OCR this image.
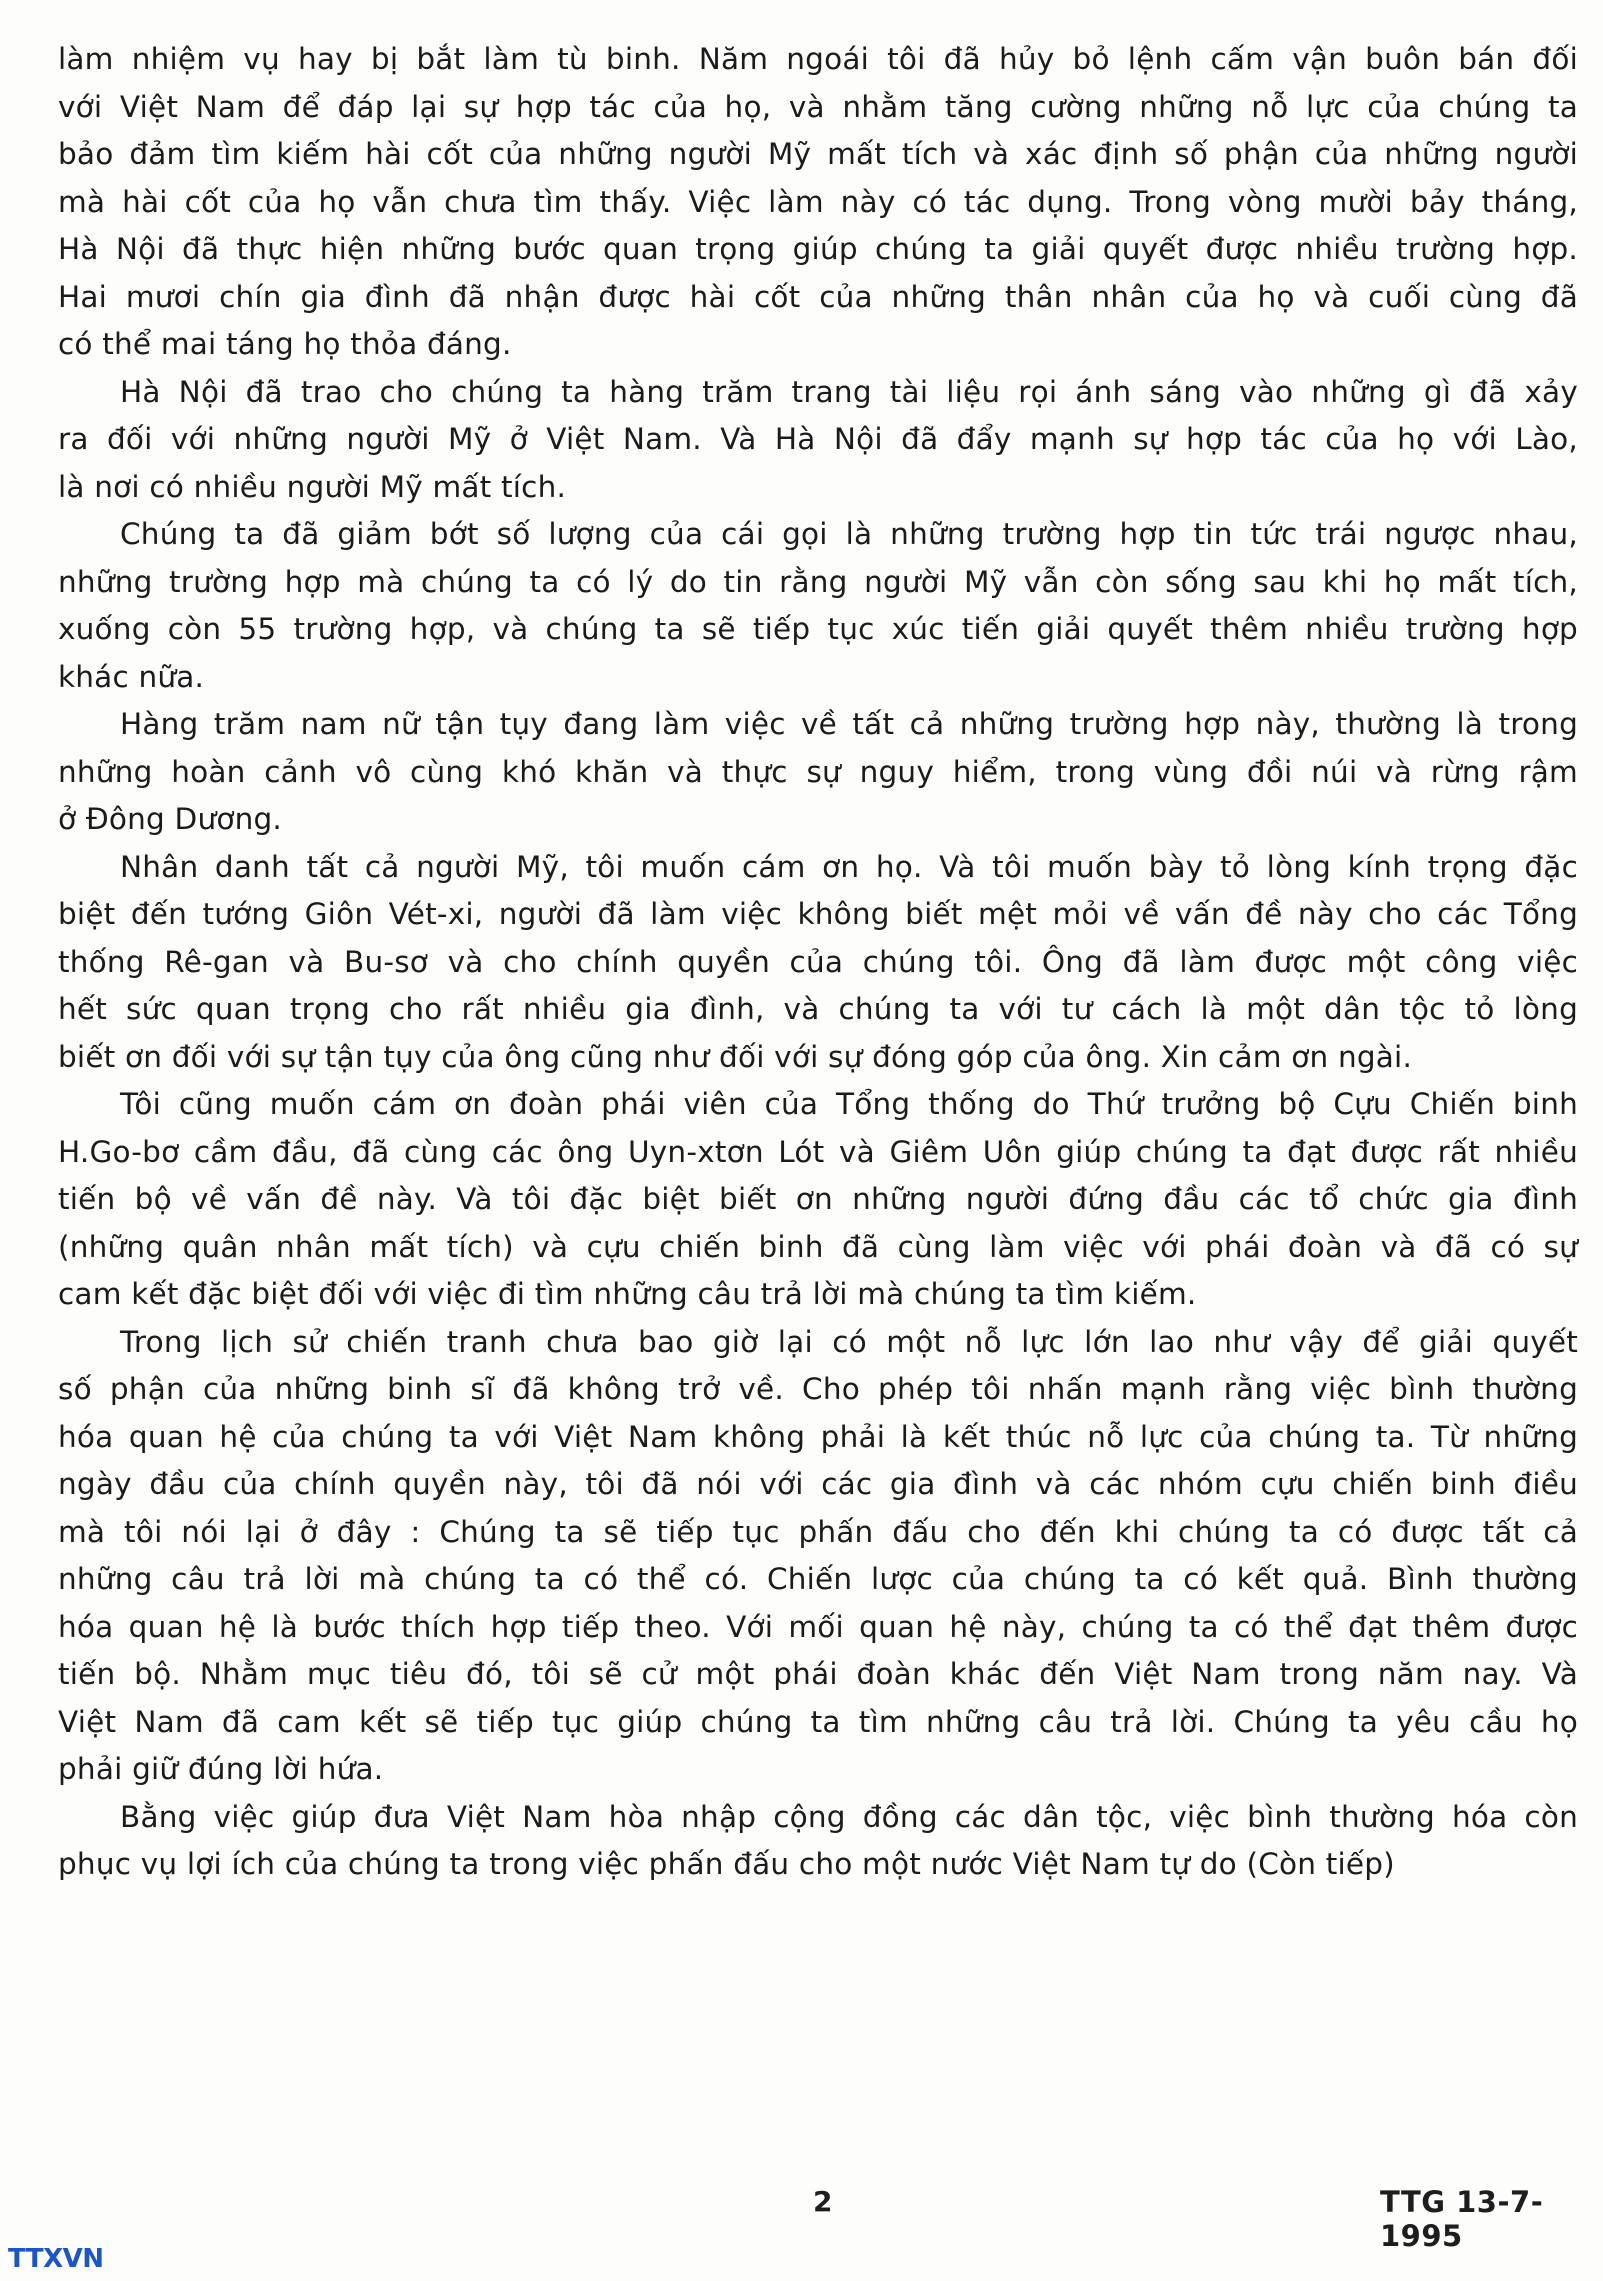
làm nhiệm vụ hay bị bắt làm tù binh. Năm ngoái tôi đã hủy bỏ lệnh cấm vận buôn bán đối
với Việt Nam để đáp lại sự hợp tác của họ, và nhằm tăng cường những nỗ lực của chúng ta
bảo đảm tìm kiếm hài cốt của những người Mỹ mất tích và xác định số phận của những người
mà hài cốt của họ vẫn chưa tìm thấy. Việc làm này có tác dụng. Trong vòng mười bảy tháng,
Hà Nội đã thực hiện những bước quan trọng giúp chúng ta giải quyết được nhiều trường hợp.
Hai mươi chín gia đình đã nhận được hài cốt của những thân nhân của họ và cuối cùng đã
có thể mai táng họ thỏa đáng.
Hà Nội đã trao cho chúng ta hàng trăm trang tài liệu rọi ánh sáng vào những gì đã xảy
ra đối với những người Mỹ ở Việt Nam. Và Hà Nội đã đẩy mạnh sự hợp tác của họ với Lào,
là nơi có nhiều người Mỹ mất tích.
Chúng ta đã giảm bớt số lượng của cái gọi là những trường hợp tin tức trái ngược nhau,
những trường hợp mà chúng ta có lý do tin rằng người Mỹ vẫn còn sống sau khi họ mất tích,
xuống còn 55 trường hợp, và chúng ta sẽ tiếp tục xúc tiến giải quyết thêm nhiều trường hợp
khác nữa.
Hàng trăm nam nữ tận tụy đang làm việc về tất cả những trường hợp này, thường là trong
những hoàn cảnh vô cùng khó khăn và thực sự nguy hiểm, trong vùng đồi núi và rừng rậm
ở Đông Dương.
Nhân danh tất cả người Mỹ, tôi muốn cám ơn họ. Và tôi muốn bày tỏ lòng kính trọng đặc
biệt đến tướng Giôn Vét-xi, người đã làm việc không biết mệt mỏi về vấn đề này cho các Tổng
thống Rê-gan và Bu-sơ và cho chính quyền của chúng tôi. Ông đã làm được một công việc
hết sức quan trọng cho rất nhiều gia đình, và chúng ta với tư cách là một dân tộc tỏ lòng
biết ơn đối với sự tận tụy của ông cũng như đối với sự đóng góp của ông. Xin cảm ơn ngài.
Tôi cũng muốn cám ơn đoàn phái viên của Tổng thống do Thứ trưởng bộ Cựu Chiến binh
H.Go-bơ cầm đầu, đã cùng các ông Uyn-xtơn Lót và Giêm Uôn giúp chúng ta đạt được rất nhiều
tiến bộ về vấn đề này. Và tôi đặc biệt biết ơn những người đứng đầu các tổ chức gia đình
(những quân nhân mất tích) và cựu chiến binh đã cùng làm việc với phái đoàn và đã có sự
cam kết đặc biệt đối với việc đi tìm những câu trả lời mà chúng ta tìm kiếm.
Trong lịch sử chiến tranh chưa bao giờ lại có một nỗ lực lớn lao như vậy để giải quyết
số phận của những binh sĩ đã không trở về. Cho phép tôi nhấn mạnh rằng việc bình thường
hóa quan hệ của chúng ta với Việt Nam không phải là kết thúc nỗ lực của chúng ta. Từ những
ngày đầu của chính quyền này, tôi đã nói với các gia đình và các nhóm cựu chiến binh điều
mà tôi nói lại ở đây : Chúng ta sẽ tiếp tục phấn đấu cho đến khi chúng ta có được tất cả
những câu trả lời mà chúng ta có thể có. Chiến lược của chúng ta có kết quả. Bình thường
hóa quan hệ là bước thích hợp tiếp theo. Với mối quan hệ này, chúng ta có thể đạt thêm được
tiến bộ. Nhằm mục tiêu đó, tôi sẽ cử một phái đoàn khác đến Việt Nam trong năm nay. Và
Việt Nam đã cam kết sẽ tiếp tục giúp chúng ta tìm những câu trả lời. Chúng ta yêu cầu họ
phải giữ đúng lời hứa.
Bằng việc giúp đưa Việt Nam hòa nhập cộng đồng các dân tộc, việc bình thường hóa còn
phục vụ lợi ích của chúng ta trong việc phấn đấu cho một nước Việt Nam tự do (Còn tiếp)
2	TTG 13-7-1995
TTXVN
